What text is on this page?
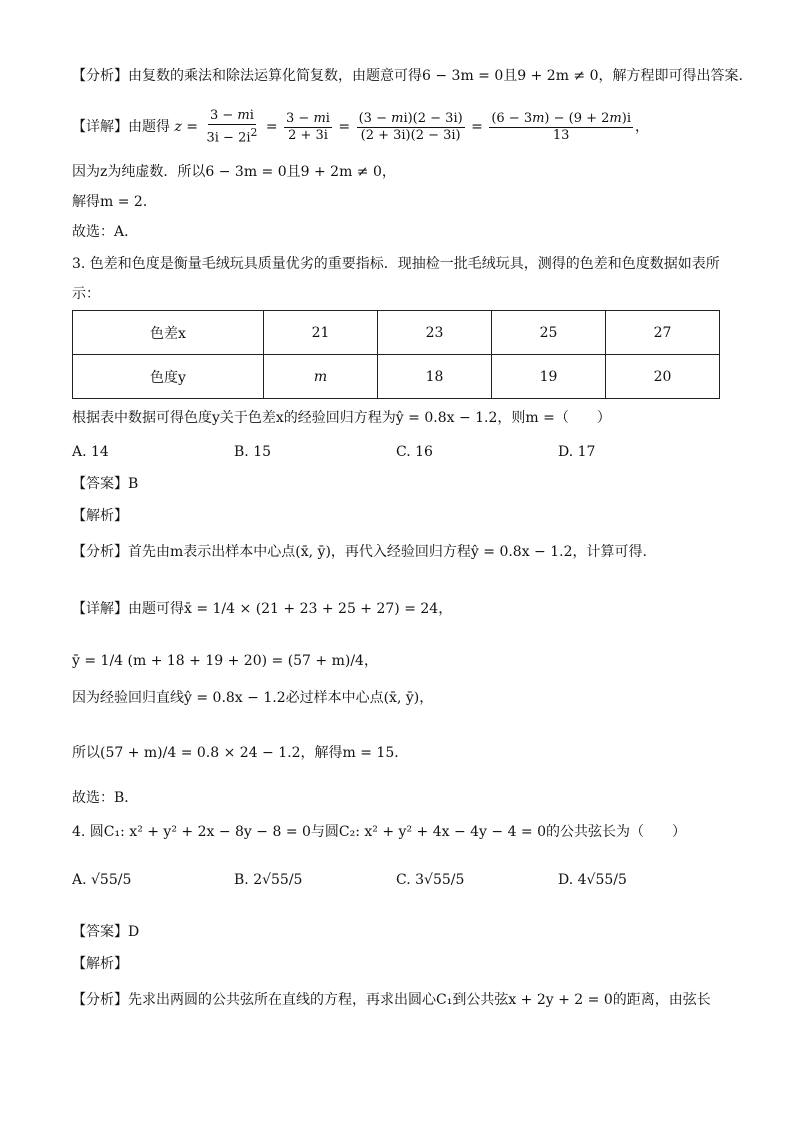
【分析】由复数的乘法和除法运算化简复数，由题意可得6 − 3m = 0且9 + 2m ≠ 0，解方程即可得出答案.
【详解】由题得 $z = \frac{3 - mi}{3i - 2i^2} = \frac{3 - mi}{2 + 3i} = \frac{(3 - mi)(2 - 3i)}{(2 + 3i)(2 - 3i)} = \frac{(6 - 3m) - (9 + 2m)i}{13}$ ，
因为z为纯虚数．所以6 − 3m = 0且9 + 2m ≠ 0，
解得m = 2．
故选：A．
3. 色差和色度是衡量毛绒玩具质量优劣的重要指标．现抽检一批毛绒玩具，测得的色差和色度数据如表所
示：
色差x	21	23	25	27
色度y	m	18	19	20
根据表中数据可得色度y关于色差x的经验回归方程为ŷ = 0.8x − 1.2，则m =（　　）
A. 14	B. 15	C. 16	D. 17
【答案】B
【解析】
【分析】首先由m表示出样本中心点(x̄, ȳ)，再代入经验回归方程ŷ = 0.8x − 1.2，计算可得.
【详解】由题可得x̄ = 1/4 × (21 + 23 + 25 + 27) = 24，
ȳ = 1/4 (m + 18 + 19 + 20) = (57 + m)/4，
因为经验回归直线ŷ = 0.8x − 1.2必过样本中心点(x̄, ȳ)，
所以(57 + m)/4 = 0.8 × 24 − 1.2，解得m = 15．
故选：B．
4. 圆C₁: x² + y² + 2x − 8y − 8 = 0与圆C₂: x² + y² + 4x − 4y − 4 = 0的公共弦长为（　　）
A. √55/5	B. 2√55/5	C. 3√55/5	D. 4√55/5
【答案】D
【解析】
【分析】先求出两圆的公共弦所在直线的方程，再求出圆心C₁到公共弦x + 2y + 2 = 0的距离，由弦长
